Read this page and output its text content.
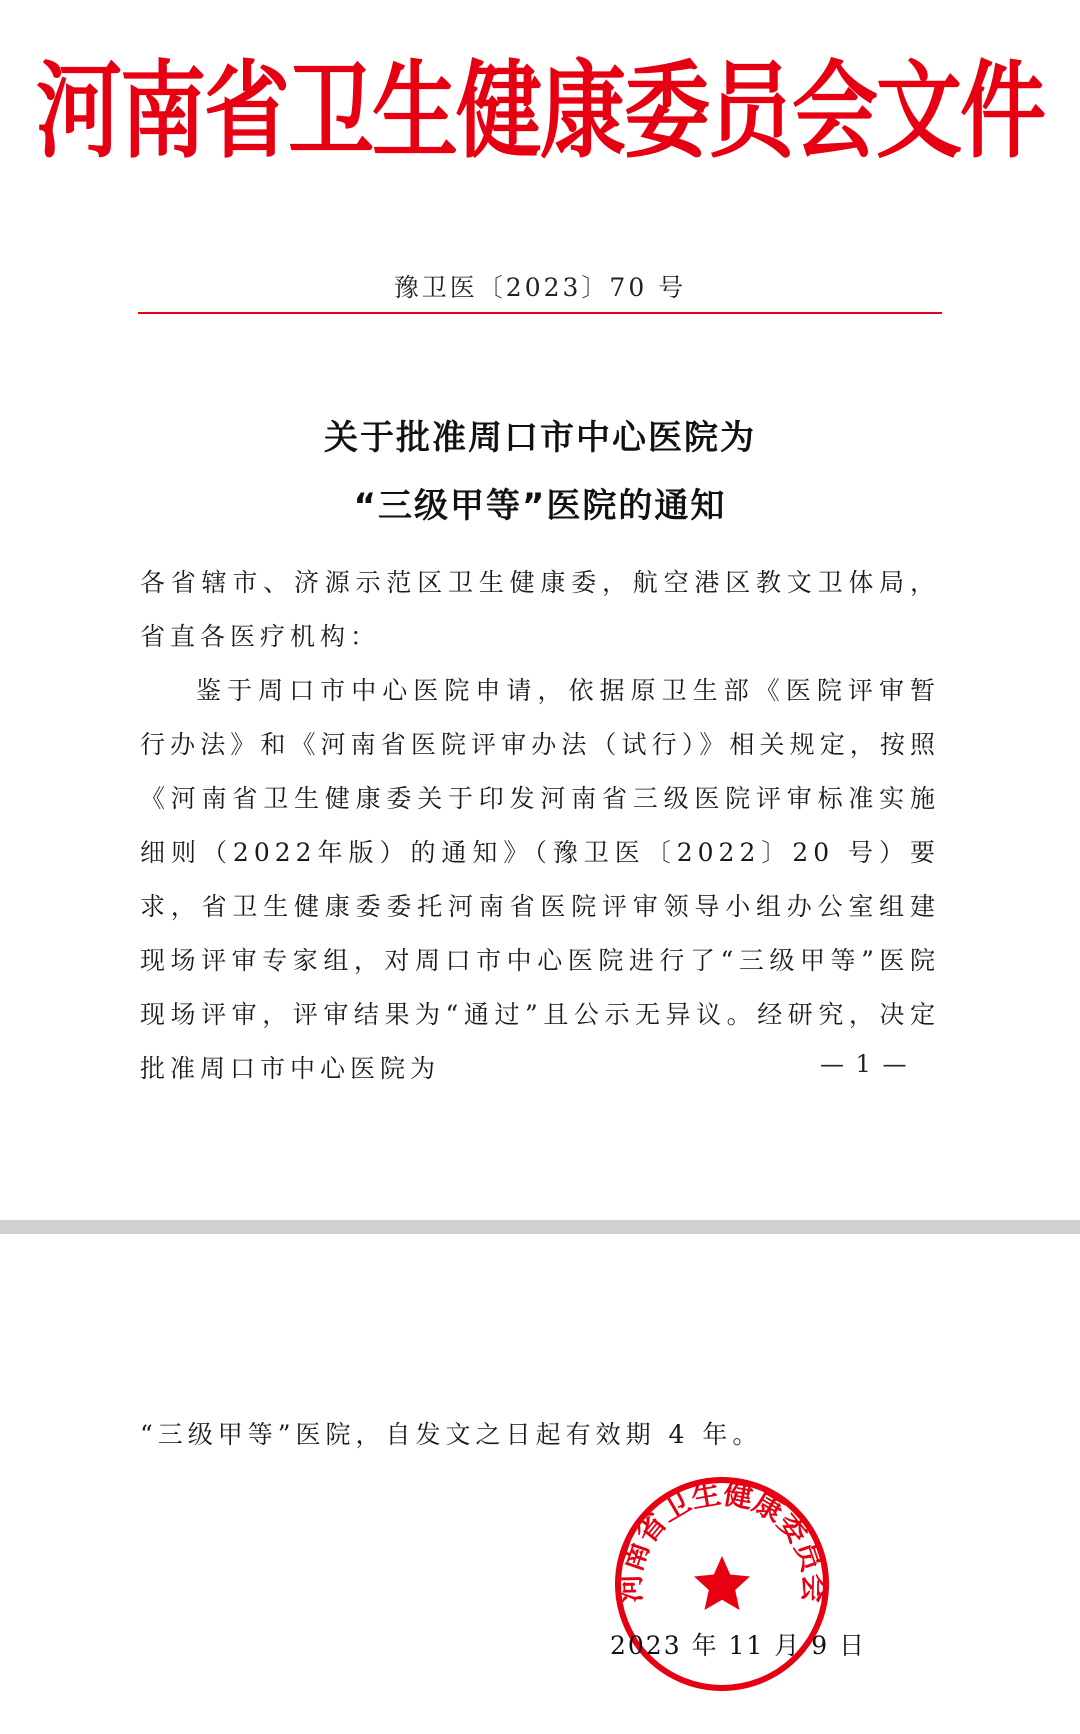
河南省卫生健康委员会文件
豫卫医〔2023〕70 号
关于批准周口市中心医院为
“三级甲等”医院的通知

各省辖市、济源示范区卫生健康委，航空港区教文卫体局，省直各医疗机构：

鉴于周口市中心医院申请，依据原卫生部《医院评审暂行办法》和《河南省医院评审办法（试行）》相关规定，按照《河南省卫生健康委关于印发河南省三级医院评审标准实施细则（2022年版）的通知》（豫卫医〔2022〕20 号）要求，省卫生健康委委托河南省医院评审领导小组办公室组建现场评审专家组，对周口市中心医院进行了“三级甲等”医院现场评审，评审结果为“通过”且公示无异议。经研究，决定批准周口市中心医院为	— 1 —

“三级甲等”医院，自发文之日起有效期 4 年。

河南省卫生健康委员会
2023 年 11 月 9 日
